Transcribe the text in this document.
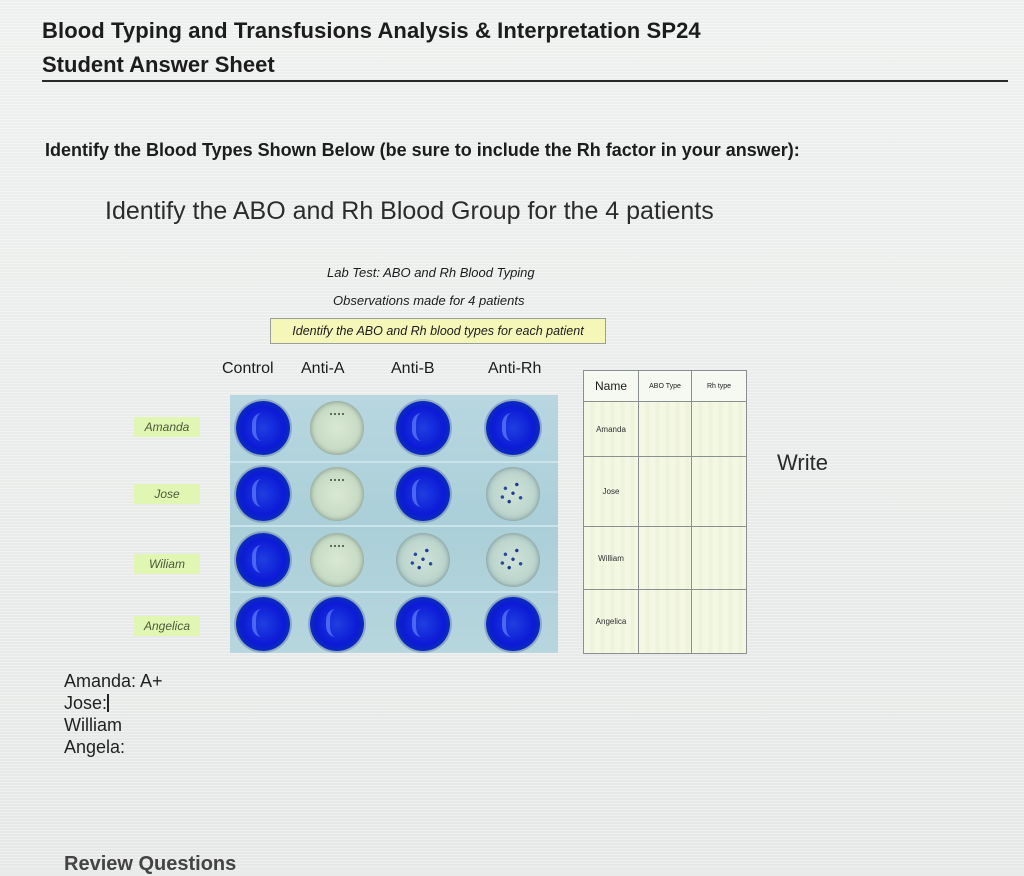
Blood Typing and Transfusions Analysis & Interpretation SP24
Student Answer Sheet
Identify the Blood Types Shown Below (be sure to include the Rh factor in your answer):
Identify the ABO and Rh Blood Group for the 4 patients
Lab Test: ABO and Rh Blood Typing
Observations made for 4 patients
Identify the ABO and Rh blood types for each patient
Control Anti-A	Anti-B	Anti-Rh
Amanda
Jose
Wiliam
Angelica
Name	ABO Type	Rh type
Amanda		
Jose		
William		
Angelica		
Write
Amanda: A+
Jose:
William
Angela:
Review Questions
